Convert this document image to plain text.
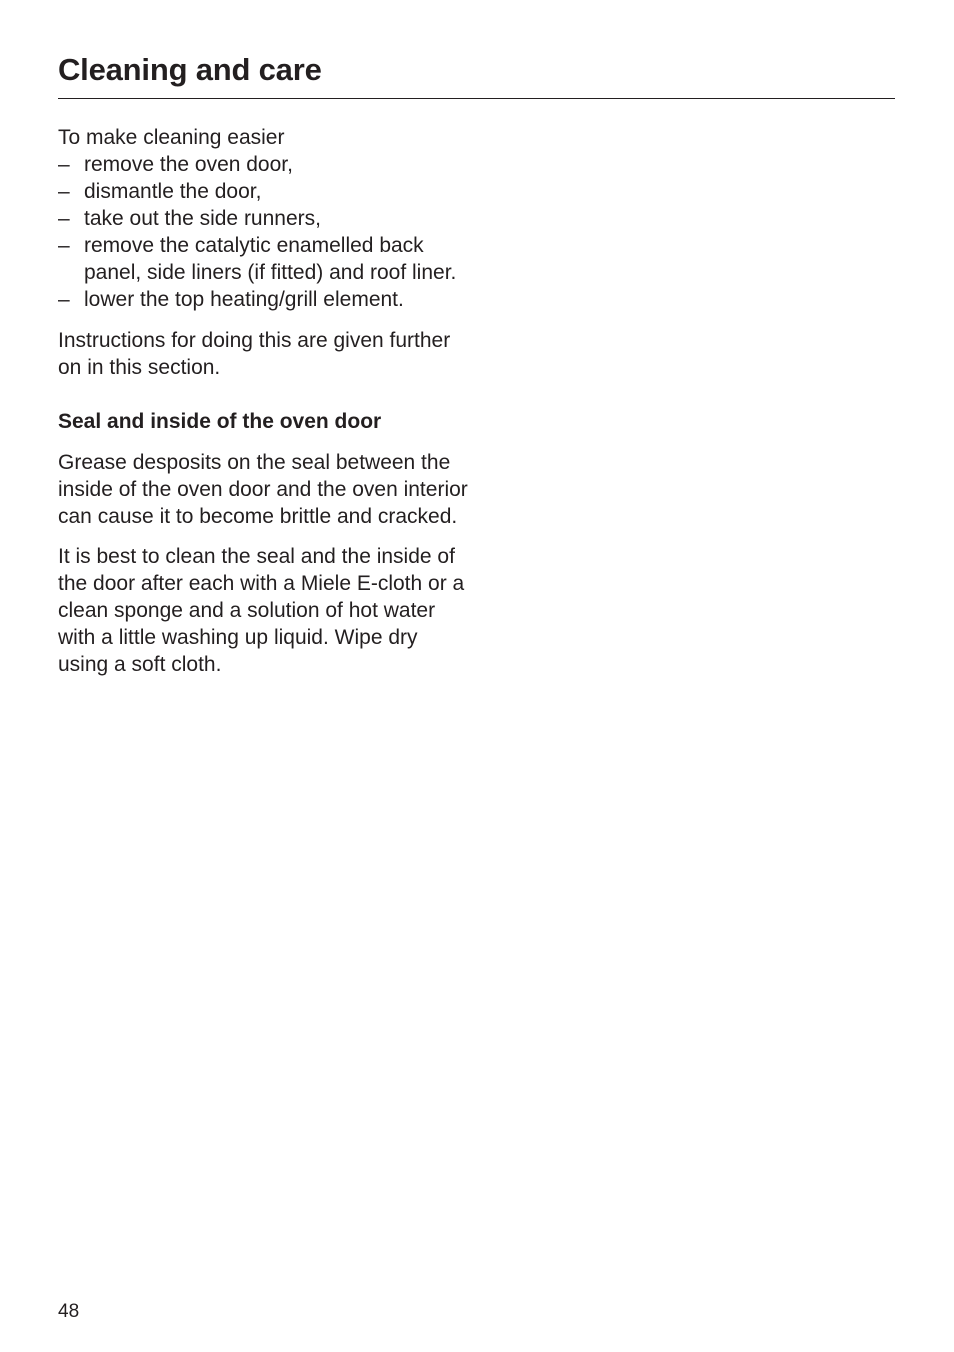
Cleaning and care

To make cleaning easier

– remove the oven door,
– dismantle the door,
– take out the side runners,
– remove the catalytic enamelled back panel, side liners (if fitted) and roof liner.
– lower the top heating/grill element.

Instructions for doing this are given further on in this section.

Seal and inside of the oven door

Grease desposits on the seal between the inside of the oven door and the oven interior can cause it to become brittle and cracked.

It is best to clean the seal and the inside of the door after each with a Miele E-cloth or a clean sponge and a solution of hot water with a little washing up liquid. Wipe dry using a soft cloth.

48
